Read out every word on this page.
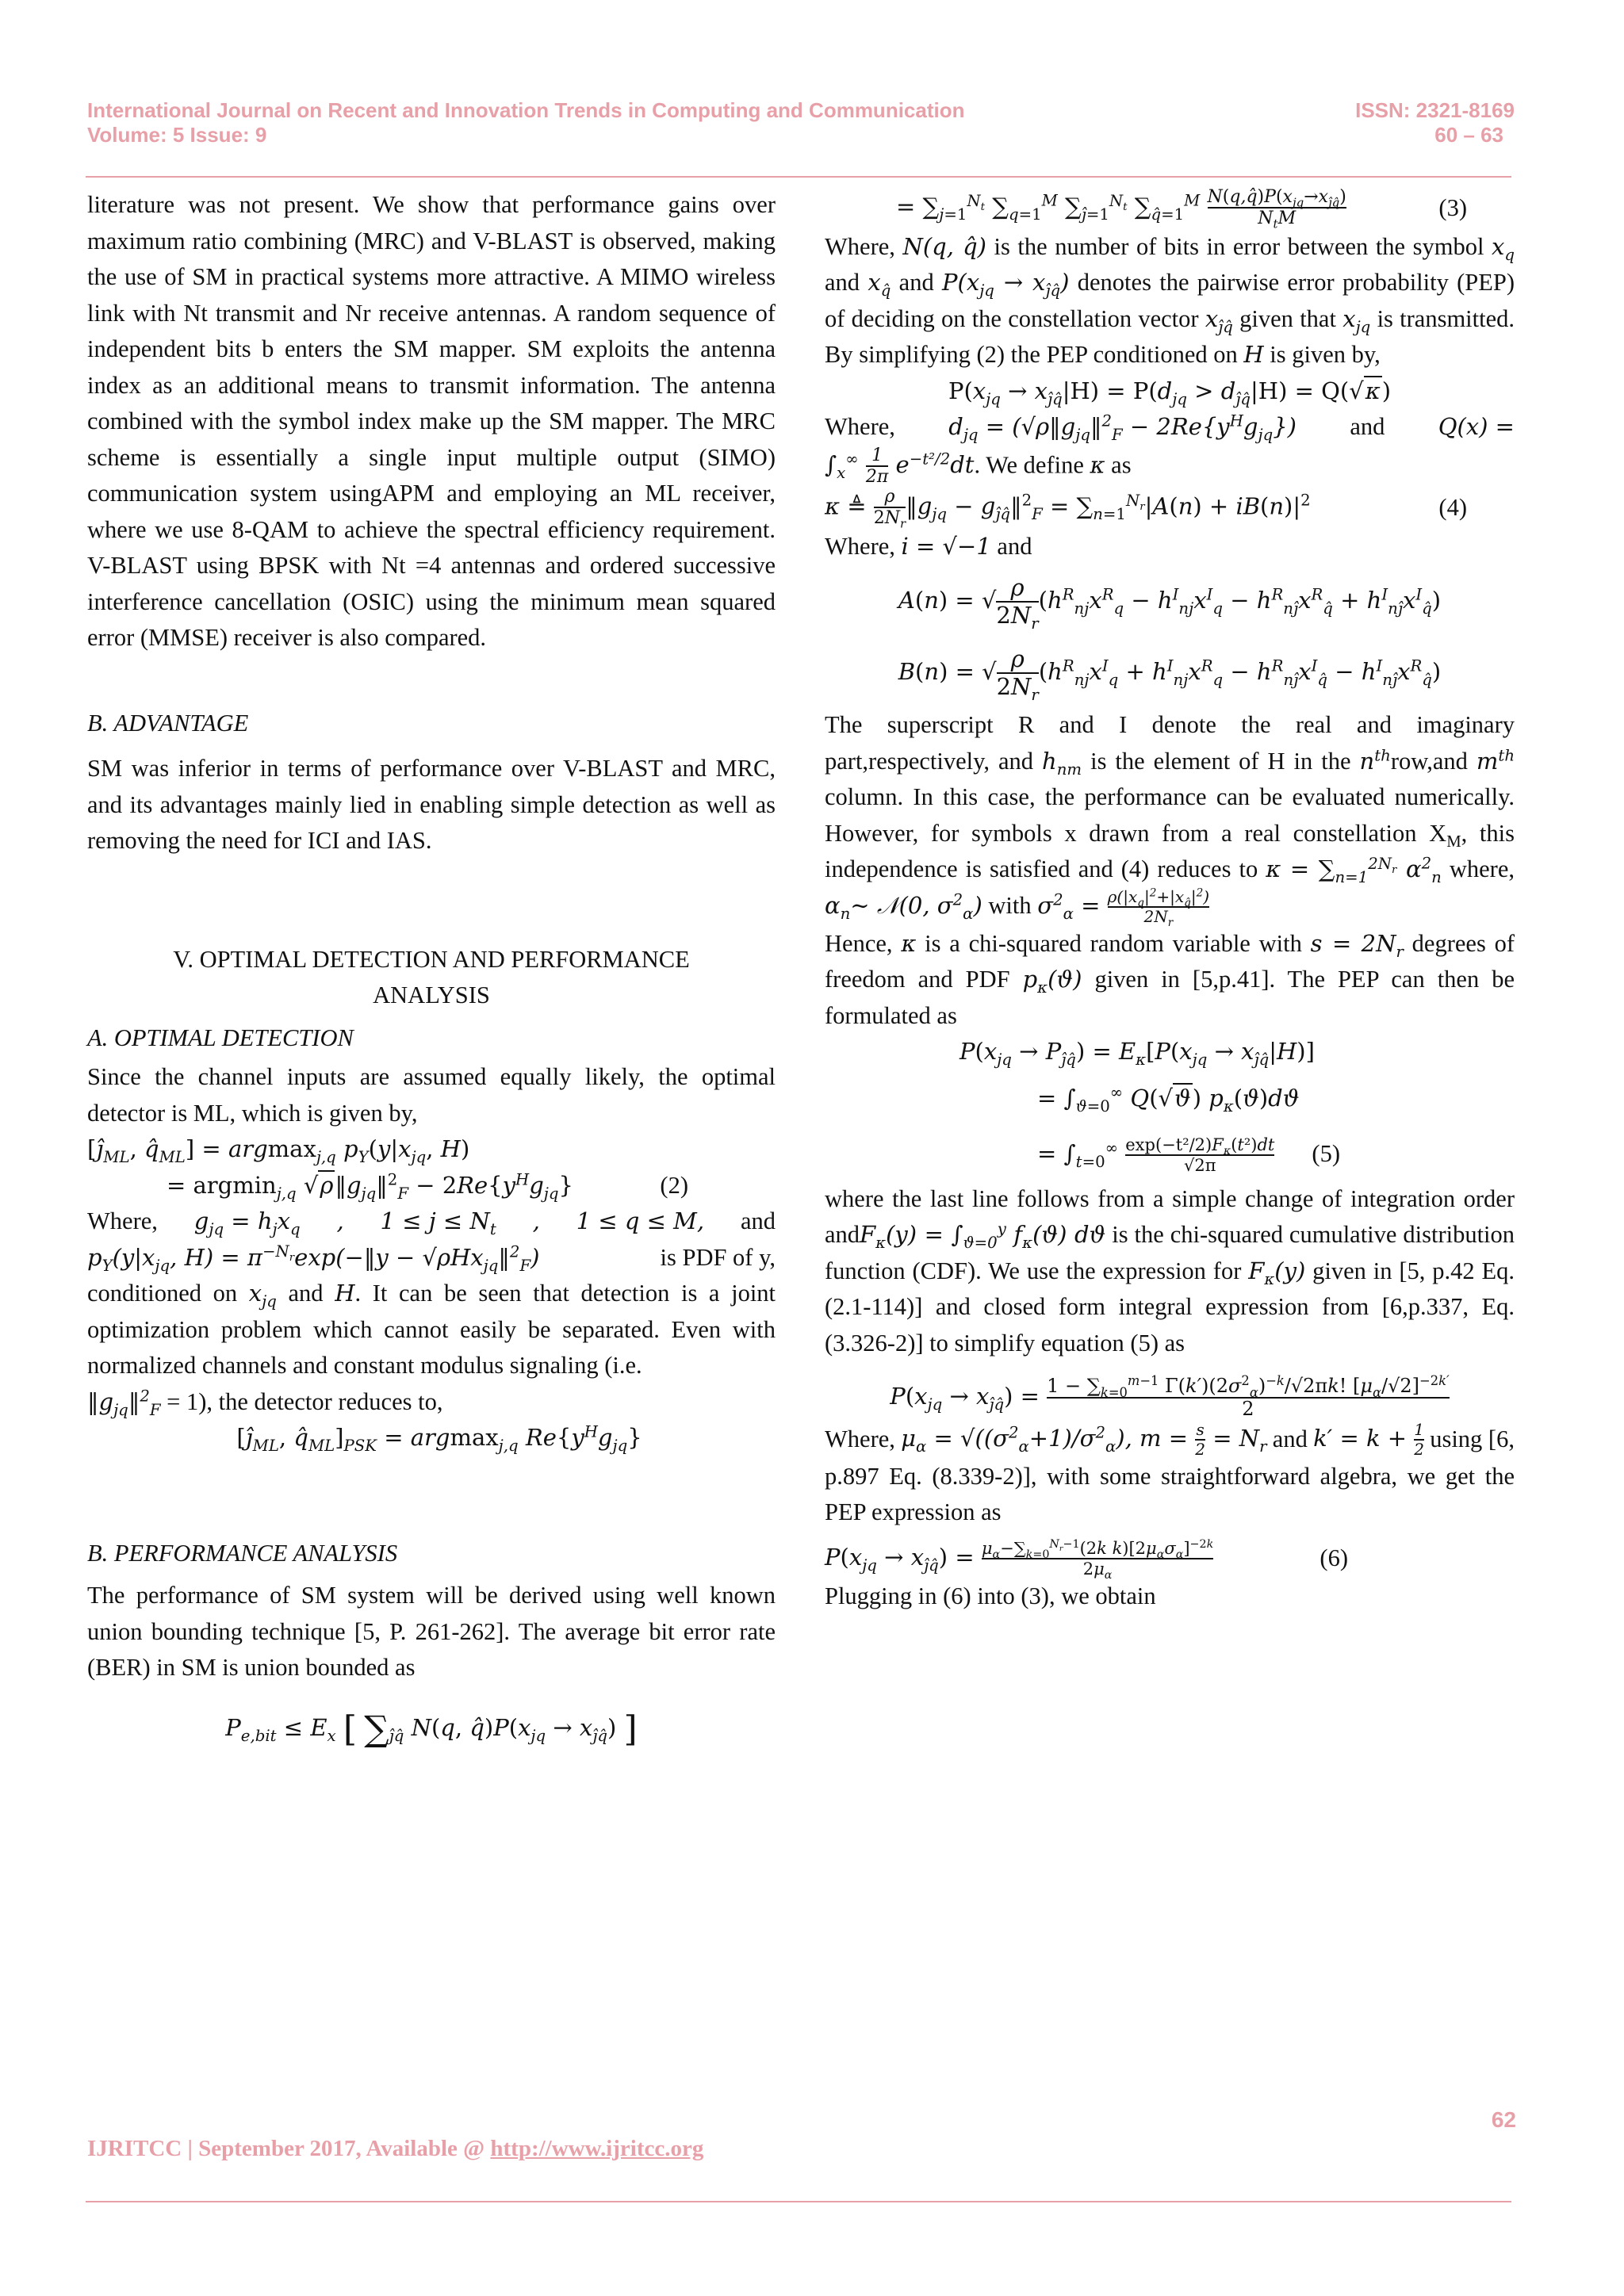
International Journal on Recent and Innovation Trends in Computing and Communication
Volume: 5 Issue: 9
ISSN: 2321-8169
60 – 63

literature was not present. We show that performance gains over maximum ratio combining (MRC) and V-BLAST is observed, making the use of SM in practical systems more attractive. A MIMO wireless link with Nt transmit and Nr receive antennas. A random sequence of independent bits b enters the SM mapper. SM exploits the antenna index as an additional means to transmit information. The antenna combined with the symbol index make up the SM mapper. The MRC scheme is essentially a single input multiple output (SIMO) communication system usingAPM and employing an ML receiver, where we use 8-QAM to achieve the spectral efficiency requirement. V-BLAST using BPSK with Nt =4 antennas and ordered successive interference cancellation (OSIC) using the minimum mean squared error (MMSE) receiver is also compared.

B. ADVANTAGE

SM was inferior in terms of performance over V-BLAST and MRC, and its advantages mainly lied in enabling simple detection as well as removing the need for ICI and IAS.

V. OPTIMAL DETECTION AND PERFORMANCE

ANALYSIS

A. OPTIMAL DETECTION

Since the channel inputs are assumed equally likely, the optimal detector is ML, which is given by,

[$ĵ_{ML}$, $q̂_{ML}] = argmax_{j,q}$ $p_Y(y|x_{jq}$, H)

= argmin$_{j,q}$ $√\rho‖g_{jq}‖^2_F - 2Re\{y^Hg_{jq}\}$	(2)

Where, $g_{jq} = h_jx_q$ , $1 \le j \le N_t$ , 1 ≤ q ≤ M, and

$p_Y(y|x_{jq}$, $H) = \pi^{-N_r}\exp(-‖y$ − √ρHx$_{jq}$‖$^2_F$)	is PDF of y,

conditioned on $x_{jq}$ and H. It can be seen that detection is a joint optimization problem which cannot easily be separated. Even with normalized channels and constant modulus signaling (i.e.

$‖g_{jq}‖^2_F = 1$), the detector reduces to,

[$ĵ_{ML}$, $q̂_{ML}]_{PSK} = argmax_{j,q}$ $Re\{y^Hg_{jq}\}$

B. PERFORMANCE ANALYSIS

The performance of SM system will be derived using well known union bounding technique [5, P. 261-262]. The average bit error rate (BER) in SM is union bounded as

$P_{e,bit} \le E_x$ [ $\sum_{ĵq̂}$ N(q, $q̂)P(x_{jq} \to x_{ĵq̂})$ ]

= $\sum_{j=1}^{N_t}$ $\sum_{q=1}^M$ $\sum_{ĵ=1}^{N_t}$ $\sum_{q̂=1}^M \frac{N(q,q̂)P(x_{jq}\to x_{ĵq̂})}{N_tM}$	(3)

Where, N(q, q̂) is the number of bits in error between the symbol $x_q$ and $x_{q̂}$ and $P(x_{jq} \to x_{ĵq̂})$ denotes the pairwise error probability (PEP) of deciding on the constellation vector $x_{ĵq̂}$ given that $x_{jq}$ is transmitted. By simplifying (2) the PEP conditioned on H is given by,

$P(x_{jq} \to x_{ĵq̂}|H) = P(d_{jq} > d_{ĵq̂}|H) = Q(√\kappa)$

Where, $d_{jq}$ = $(√\rho‖g_{jq}‖^2_F - 2Re\{y^Hg_{jq}\})$ and Q(x) =

$\int_x^\infty \frac{1}{2\pi} e^{-t^2/2}dt$. We define κ as

κ ≜ $\frac{\rho}{2N_r}$ $‖g_{jq}$ − $g_{ĵq̂}‖^2_F = \sum_{n=1}^{N_r}|A(n) + iB(n)|^2$	(4)

Where, i = √−1 and

A(n) = √ $\frac{\rho}{2N_r} (h^R_{nj}x^R_q - h^I_{nj}x^I_q - h^R_{nĵ}x^R_{q̂} + h^I_{nĵ}x^I_{q̂})$

B(n) = √ $\frac{\rho}{2N_r} (h^R_{nj}x^I_q + h^I_{nj}x^R_q - h^R_{nĵ}x^I_{q̂} - h^I_{nĵ}x^R_{q̂})$

The superscript R and I denote the real and imaginary part,respectively, and $h_{nm}$ is the element of H in the $n^{th}row,and$ $m^{th}$ column. In this case, the performance can be evaluated numerically. However, for symbols x drawn from a real constellation $X_M$, this independence is satisfied and (4) reduces to $\kappa = \sum_{n=1}^{2N_r}$ $\alpha^2_n$ where, $\alpha_n\sim$ 𝒩(0, $\sigma^2_\alpha$) with $\sigma^2_\alpha = \frac{\rho(|x_q|^2+|x_{q̂}|^2)}{2N_r}$

Hence, κ is a chi-squared random variable with $s = 2N_r$ degrees of freedom and PDF $p_\kappa(ϑ)$ given in [5,p.41]. The PEP can then be formulated as

$P(x_{jq} \to P_{ĵq̂}) = E_\kappa[P(x_{jq} \to x_{ĵq̂}|H)]$

= $\int_{ϑ=0}^\infty$ Q(√ϑ) $p_\kappa(ϑ)dϑ$

= $\int_{t=0}^\infty \frac{\exp(-t^2/2)F_\kappa(t^2)dt}{√2\pi} (5)$

where the last line follows from a simple change of integration order andF$_\kappa$(y) = $\int_{ϑ=0}^y$ $f_\kappa(ϑ)$ dϑ is the chi-squared cumulative distribution function (CDF). We use the expression for $F_\kappa(y)$ given in [5, p.42 Eq. (2.1-114)] and closed form integral expression from [6,p.337, Eq. (3.326-2)] to simplify equation (5) as

$P(x_{jq} \to x_{ĵq̂}) = \frac{1 - \sum_{k=0}^{m-1} \Gamma(k')(2\sigma^2_\alpha)^{-k}/√2\pi k! [\mu_\alpha/√2]^{-2k'}}{2}$

Where, $\mu_\alpha = √((\sigma^2_\alpha+1)/\sigma^2_\alpha)$, $m = \frac{s}{2} = N_r$ and $k' = k + \frac{1}{2}$ using [6,

p.897 Eq. (8.339-2)], with some straightforward algebra, we get the PEP expression as

$P(x_{jq} \to x_{ĵq̂}) = \frac{\mu_\alpha-\sum_{k=0}^{N_r-1}(2k k)[2\mu_\alpha\sigma_\alpha]^{-2k}}{2\mu_\alpha}$	(6)

Plugging in (6) into (3), we obtain

62
IJRITCC | September 2017, Available @ http://www.ijritcc.org
